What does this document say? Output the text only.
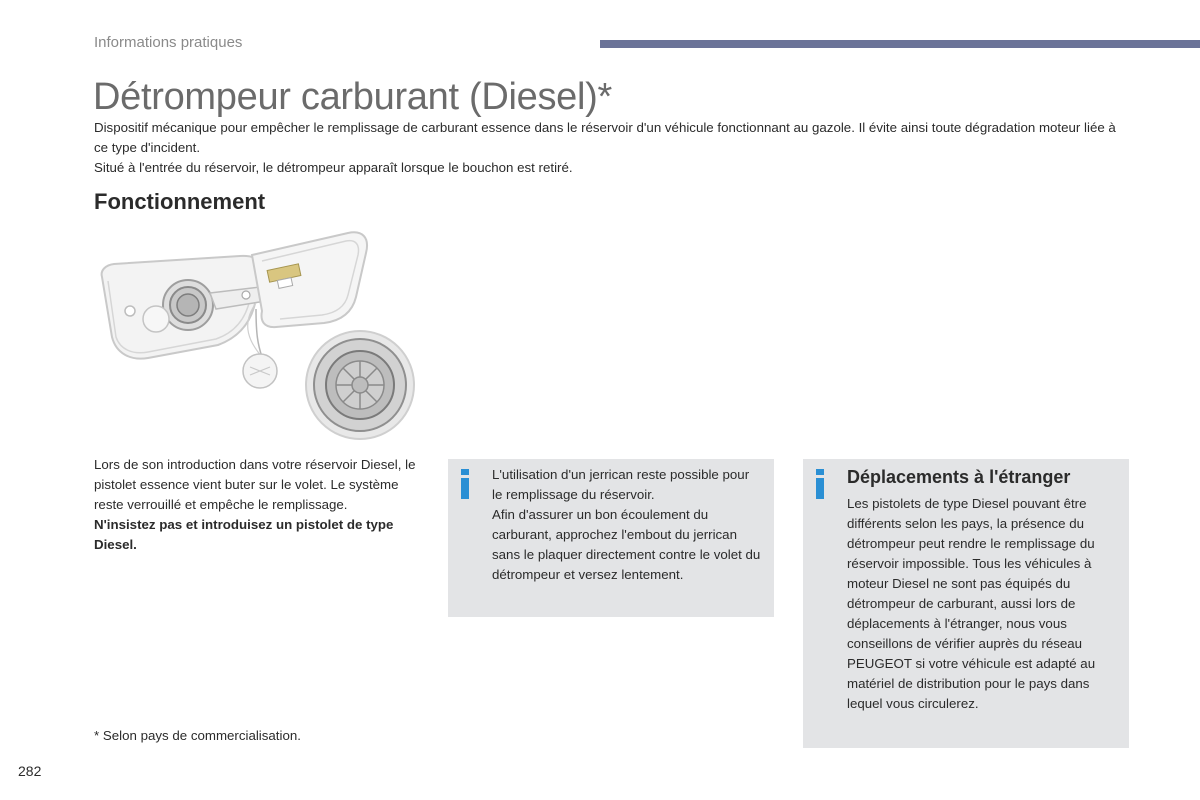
Informations pratiques
Détrompeur carburant (Diesel)*

Dispositif mécanique pour empêcher le remplissage de carburant essence dans le réservoir d'un véhicule fonctionnant au gazole. Il évite ainsi toute dégradation moteur liée à ce type d'incident.

Situé à l'entrée du réservoir, le détrompeur apparaît lorsque le bouchon est retiré.

Fonctionnement

Lors de son introduction dans votre réservoir Diesel, le pistolet essence vient buter sur le volet. Le système reste verrouillé et empêche le remplissage.

N'insistez pas et introduisez un pistolet de type Diesel.

L'utilisation d'un jerrican reste possible pour le remplissage du réservoir.

Afin d'assurer un bon écoulement du carburant, approchez l'embout du jerrican sans le plaquer directement contre le volet du détrompeur et versez lentement.

Déplacements à l'étranger

Les pistolets de type Diesel pouvant être différents selon les pays, la présence du détrompeur peut rendre le remplissage du réservoir impossible. Tous les véhicules à moteur Diesel ne sont pas équipés du détrompeur de carburant, aussi lors de déplacements à l'étranger, nous vous conseillons de vérifier auprès du réseau PEUGEOT si votre véhicule est adapté au matériel de distribution pour le pays dans lequel vous circulerez.

* Selon pays de commercialisation.
282
